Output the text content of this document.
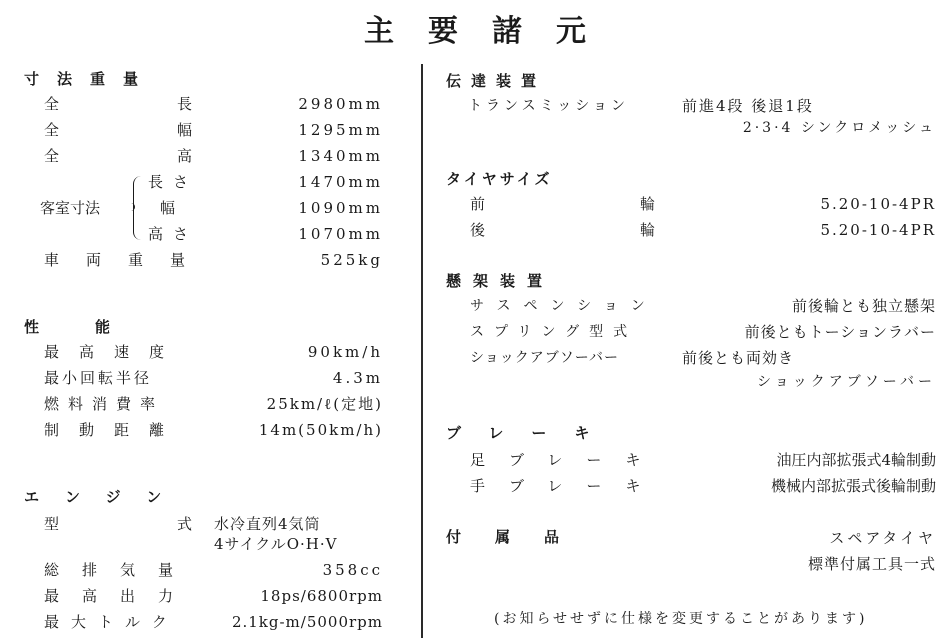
主要諸元
寸法重量
全	長	2980mm
全	幅	1295mm
全	高	1340mm
客室寸法
長 さ	1470mm
幅	1090mm
高 さ	1070mm
車両重量	525kg
性能
最高速度	90km/h
最小回転半径	4.3m
燃料消費率	25km/ℓ(定地)
制動距離	14m(50km/h)
エンジン
型	式 水冷直列4気筒
4サイクルO·H·V
総排気量	358cc
最高出力	18ps/6800rpm
最大トルク	2.1kg-m/5000rpm
伝達装置
トランスミッション	前進4段 後退1段
2·3·4 シンクロメッシュ
タイヤサイズ
前	輪	5.20-10-4PR
後	輪	5.20-10-4PR
懸架装置
サスペンション	前後輪とも独立懸架
スプリング型式	前後ともトーションラバー
ショックアブソーバー	前後とも両効き
ショックアブソーバー
ブレーキ
足ブレーキ	油圧内部拡張式4輪制動
手ブレーキ	機械内部拡張式後輪制動
付属品	スペアタイヤ
標準付属工具一式
(お知らせせずに仕様を変更することがあります)
